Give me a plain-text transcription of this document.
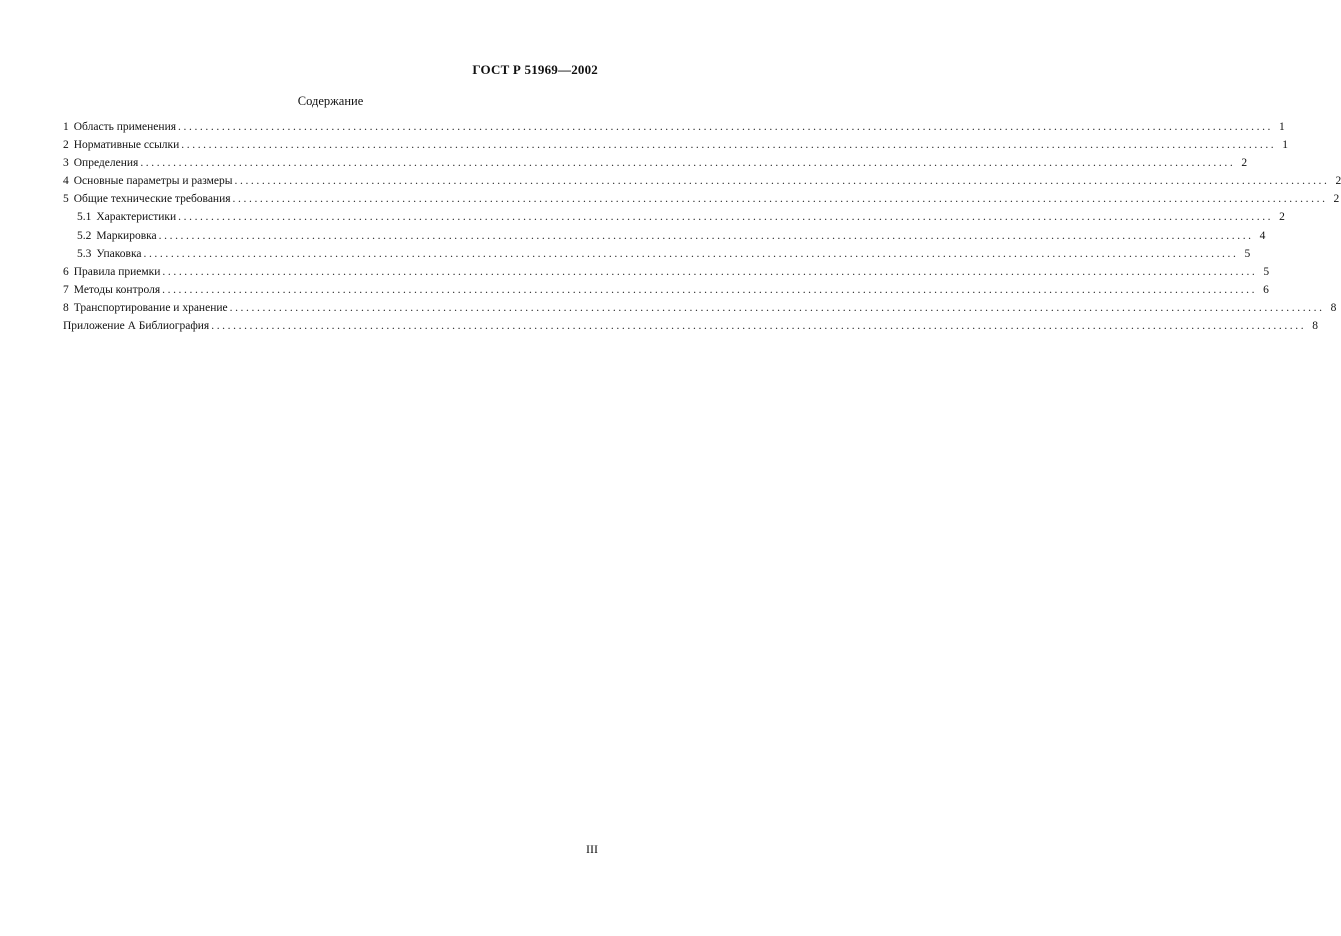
ГОСТ Р 51969—2002
Содержание
1 Область применения ........................................................................................................................................................................................................ 1
2 Нормативные ссылки ........................................................................................................................................................................................................ 1
3 Определения ........................................................................................................................................................................................................ 2
4 Основные параметры и размеры ........................................................................................................................................................................................................ 2
5 Общие технические требования ........................................................................................................................................................................................................ 2
5.1 Характеристики ........................................................................................................................................................................................................ 2
5.2 Маркировка ........................................................................................................................................................................................................ 4
5.3 Упаковка ........................................................................................................................................................................................................ 5
6 Правила приемки ........................................................................................................................................................................................................ 5
7 Методы контроля ........................................................................................................................................................................................................ 6
8 Транспортирование и хранение ........................................................................................................................................................................................................ 8
Приложение А Библиография ........................................................................................................................................................................................................ 8
III
